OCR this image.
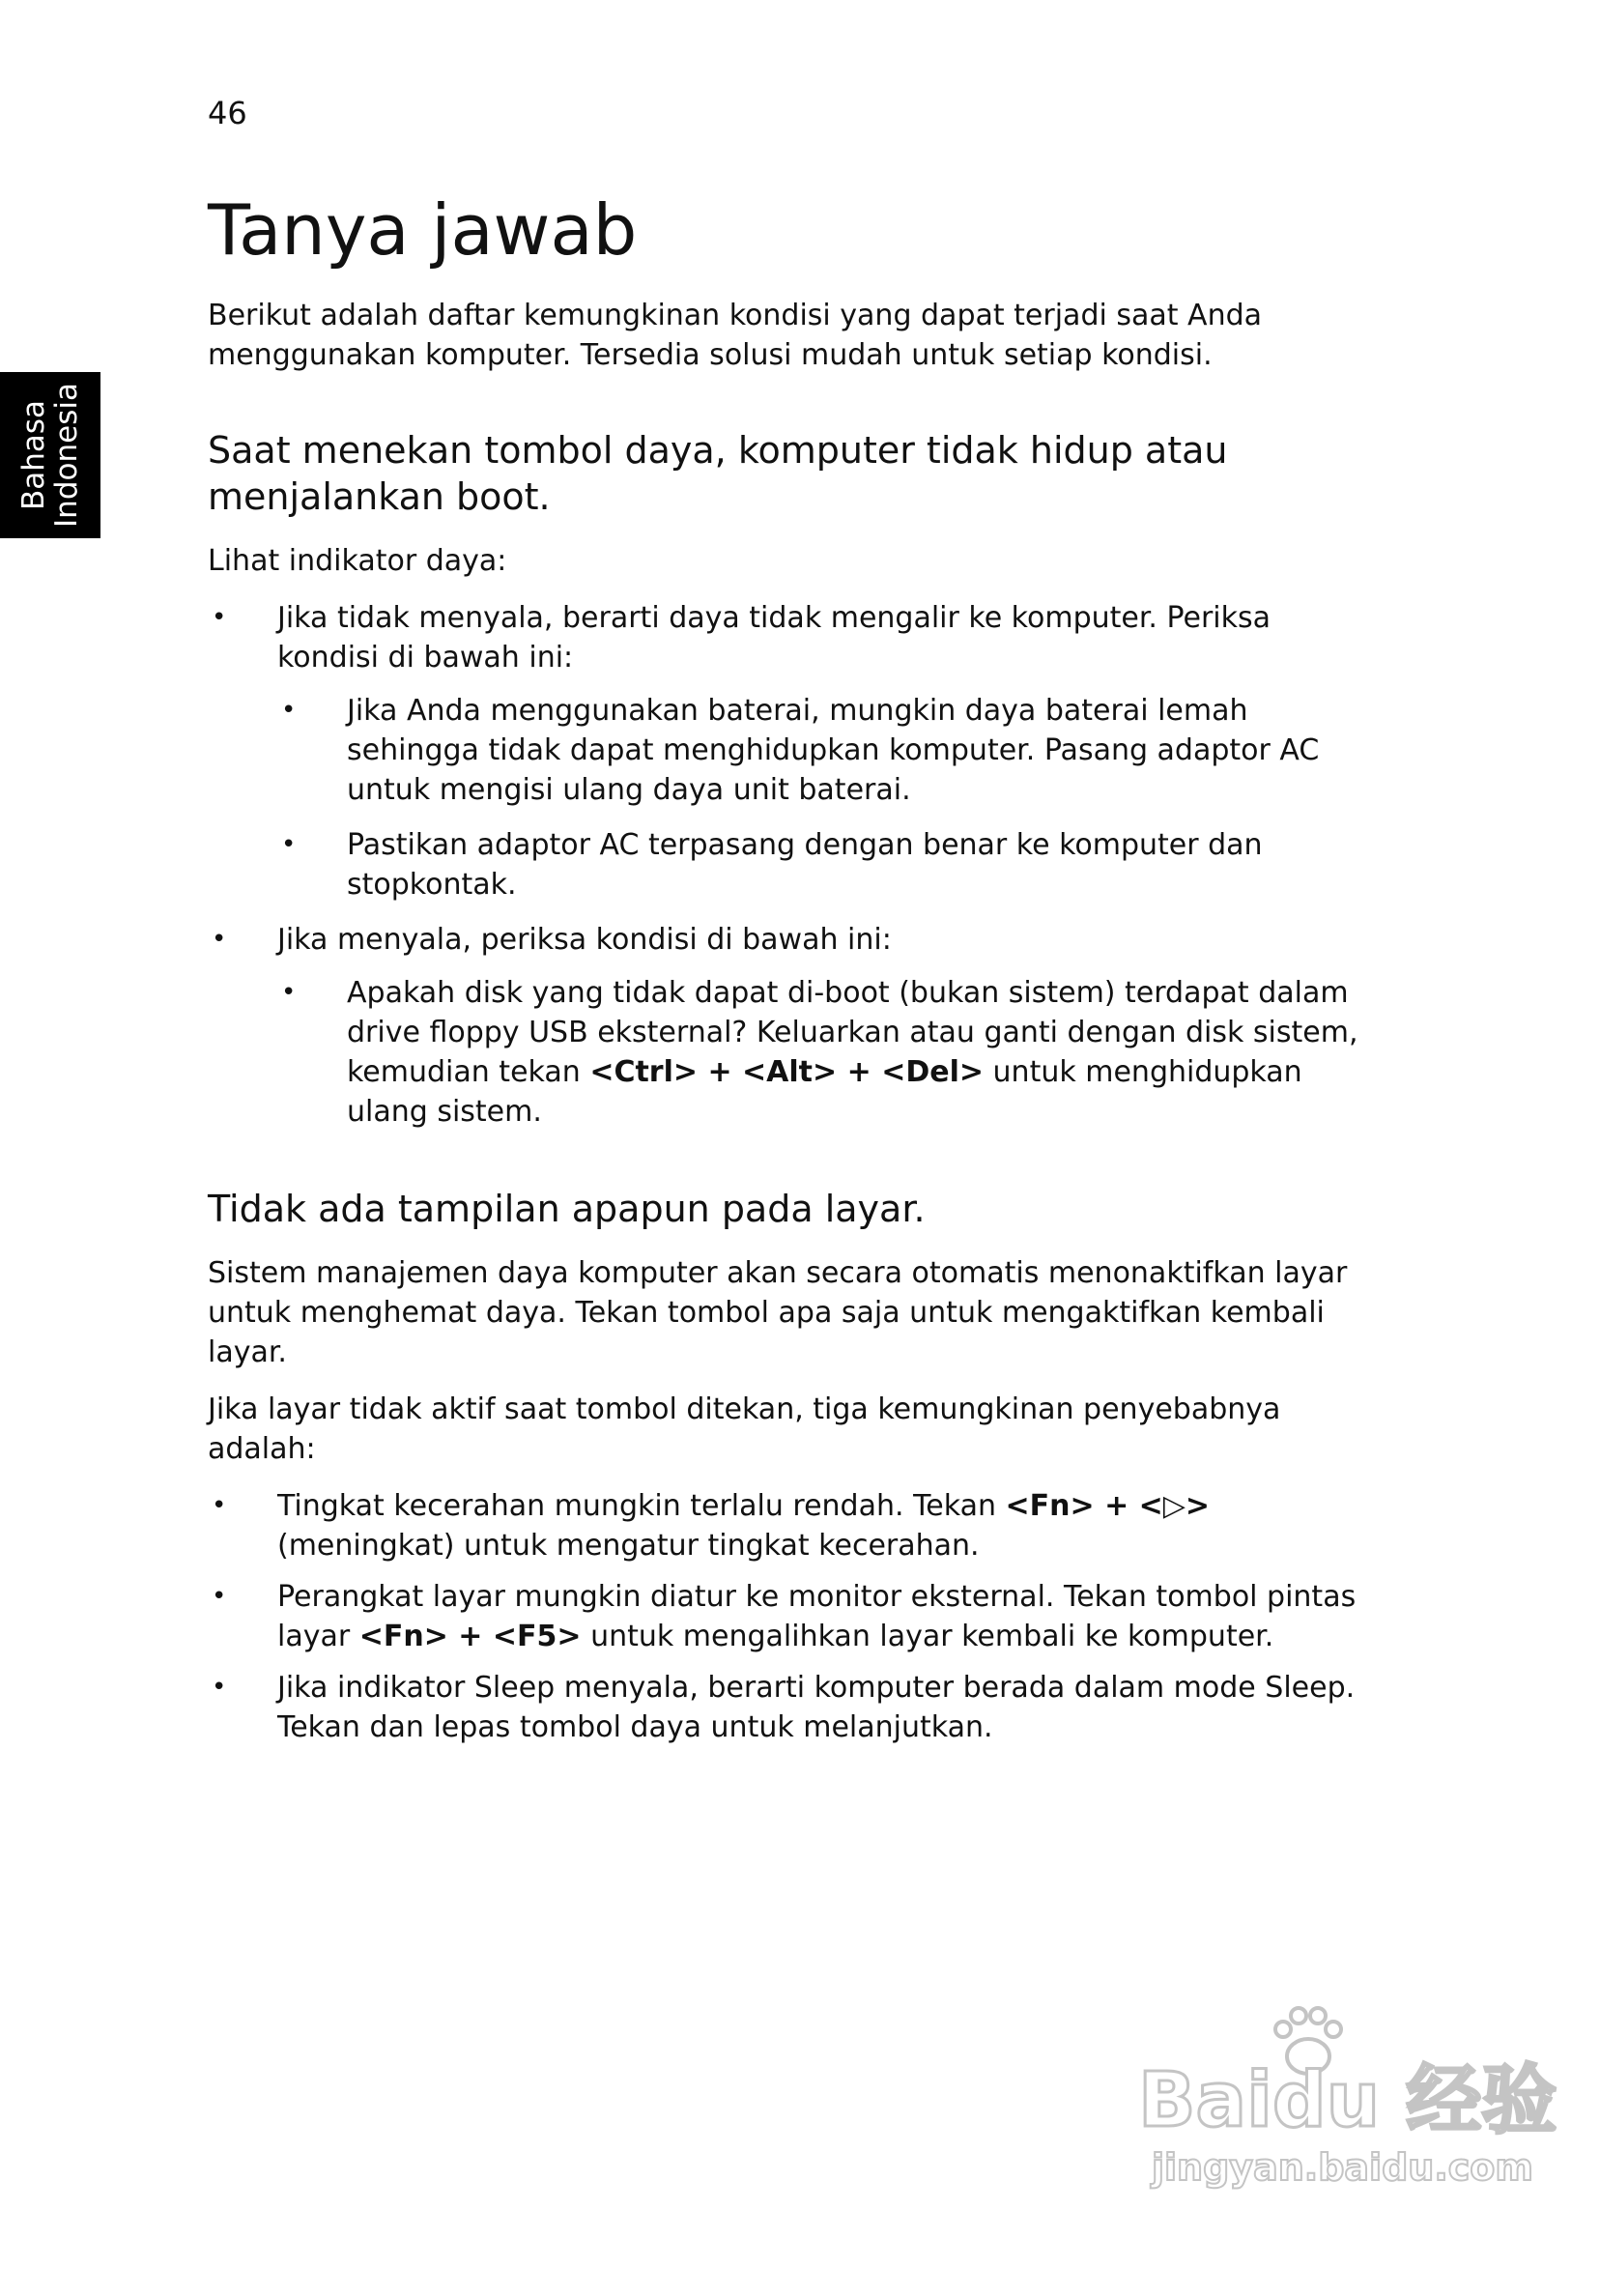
46
Bahasa
Indonesia
Tanya jawab

Berikut adalah daftar kemungkinan kondisi yang dapat terjadi saat Anda menggunakan komputer. Tersedia solusi mudah untuk setiap kondisi.

Saat menekan tombol daya, komputer tidak hidup atau menjalankan boot.

Lihat indikator daya:

• Jika tidak menyala, berarti daya tidak mengalir ke komputer. Periksa kondisi di bawah ini:
• Jika Anda menggunakan baterai, mungkin daya baterai lemah sehingga tidak dapat menghidupkan komputer. Pasang adaptor AC untuk mengisi ulang daya unit baterai.
• Pastikan adaptor AC terpasang dengan benar ke komputer dan stopkontak.
• Jika menyala, periksa kondisi di bawah ini:
• Apakah disk yang tidak dapat di-boot (bukan sistem) terdapat dalam drive floppy USB eksternal? Keluarkan atau ganti dengan disk sistem, kemudian tekan <Ctrl> + <Alt> + <Del> untuk menghidupkan ulang sistem.
Tidak ada tampilan apapun pada layar.

Sistem manajemen daya komputer akan secara otomatis menonaktifkan layar untuk menghemat daya. Tekan tombol apa saja untuk mengaktifkan kembali layar.

Jika layar tidak aktif saat tombol ditekan, tiga kemungkinan penyebabnya adalah:

• Tingkat kecerahan mungkin terlalu rendah. Tekan <Fn> + <▷> (meningkat) untuk mengatur tingkat kecerahan.
• Perangkat layar mungkin diatur ke monitor eksternal. Tekan tombol pintas layar <Fn> + <F5> untuk mengalihkan layar kembali ke komputer.
• Jika indikator Sleep menyala, berarti komputer berada dalam mode Sleep. Tekan dan lepas tombol daya untuk melanjutkan.
Baidu 经验
jingyan.baidu.com
